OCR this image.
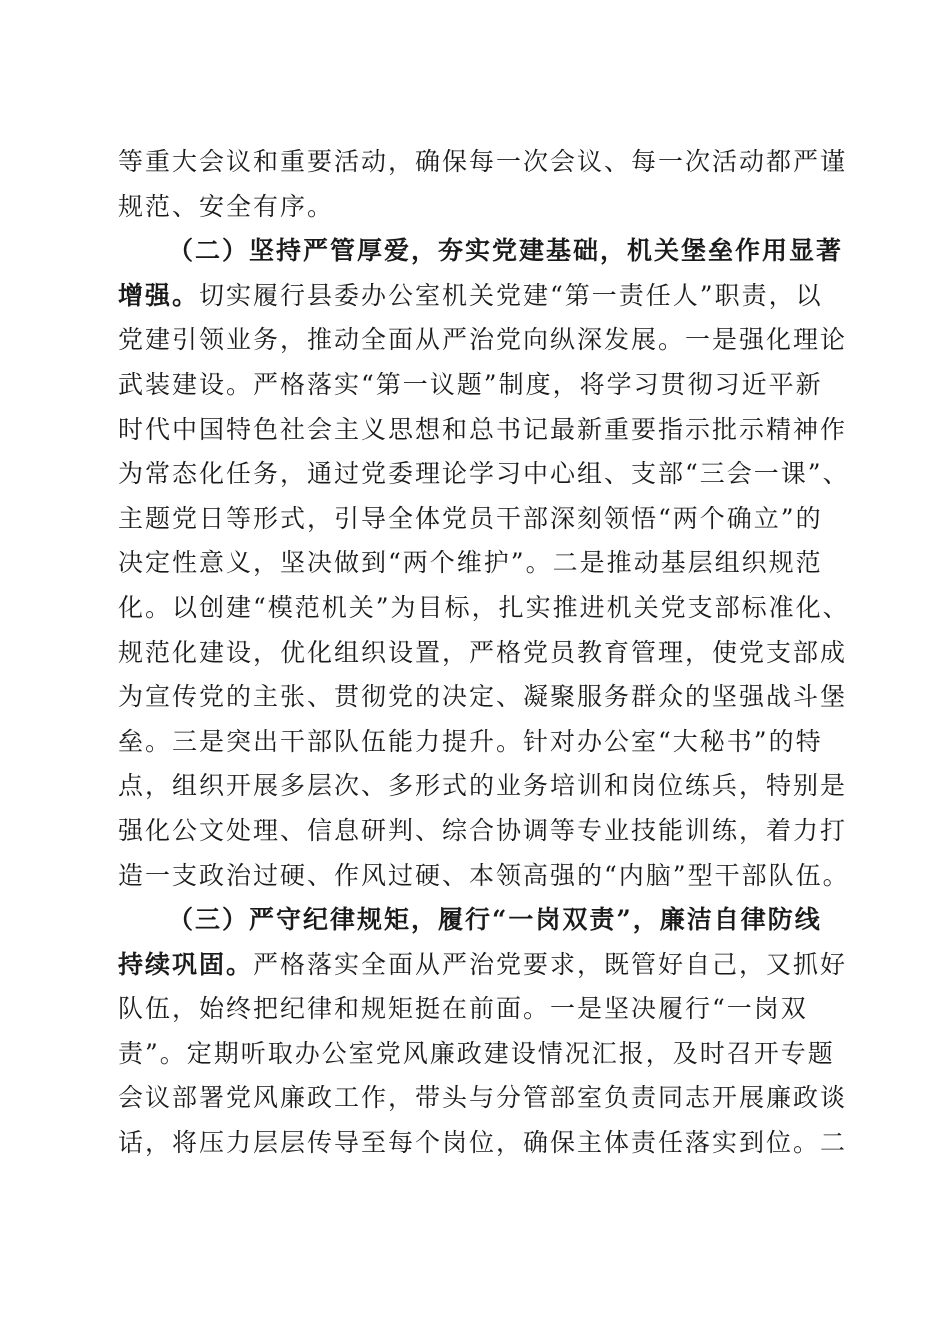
等重大会议和重要活动，确保每一次会议、每一次活动都严谨
规范、安全有序。
（二）坚持严管厚爱，夯实党建基础，机关堡垒作用显著
增强。切实履行县委办公室机关党建“第一责任人”职责，以
党建引领业务，推动全面从严治党向纵深发展。一是强化理论
武装建设。严格落实“第一议题”制度，将学习贯彻习近平新
时代中国特色社会主义思想和总书记最新重要指示批示精神作
为常态化任务，通过党委理论学习中心组、支部“三会一课”、
主题党日等形式，引导全体党员干部深刻领悟“两个确立”的
决定性意义，坚决做到“两个维护”。二是推动基层组织规范
化。以创建“模范机关”为目标，扎实推进机关党支部标准化、
规范化建设，优化组织设置，严格党员教育管理，使党支部成
为宣传党的主张、贯彻党的决定、凝聚服务群众的坚强战斗堡
垒。三是突出干部队伍能力提升。针对办公室“大秘书”的特
点，组织开展多层次、多形式的业务培训和岗位练兵，特别是
强化公文处理、信息研判、综合协调等专业技能训练，着力打
造一支政治过硬、作风过硬、本领高强的“内脑”型干部队伍。
（三）严守纪律规矩，履行“一岗双责”，廉洁自律防线
持续巩固。严格落实全面从严治党要求，既管好自己，又抓好
队伍，始终把纪律和规矩挺在前面。一是坚决履行“一岗双
责”。定期听取办公室党风廉政建设情况汇报，及时召开专题
会议部署党风廉政工作，带头与分管部室负责同志开展廉政谈
话，将压力层层传导至每个岗位，确保主体责任落实到位。二
